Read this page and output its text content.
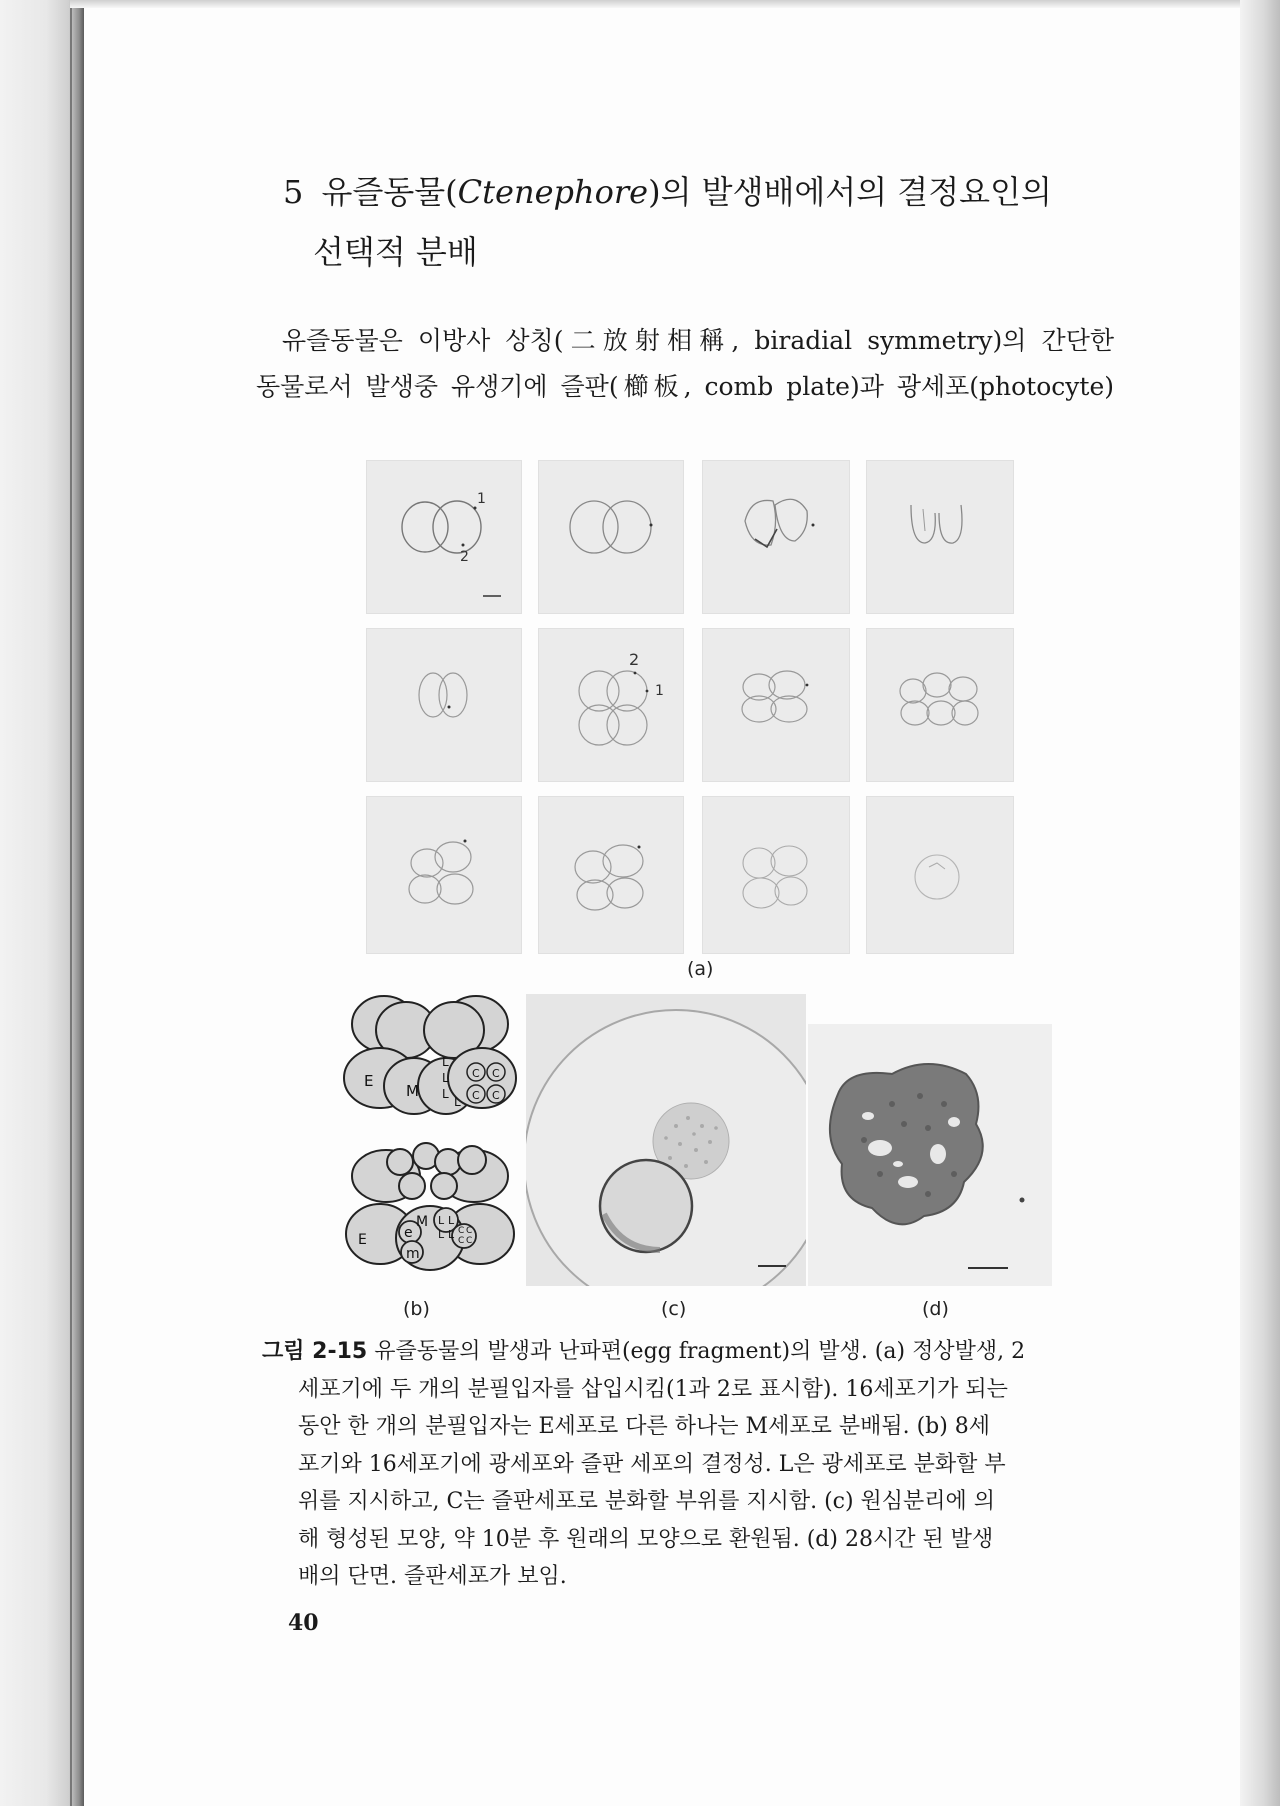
5 유즐동물(Ctenephore)의 발생배에서의 결정요인의
선택적 분배
유즐동물은 이방사 상칭(二放射相稱, biradial symmetry)의 간단한
동물로서 발생중 유생기에 즐판(櫛板, comb plate)과 광세포(photocyte)
1
2
2
1
(a)
E
M
L
L
L
L
C C
C C
E	e
M
m
L L
L L C C
C C
(b)	(c)	(d)

그림 2-15 유즐동물의 발생과 난파편(egg fragment)의 발생. (a) 정상발생, 2

세포기에 두 개의 분필입자를 삽입시킴(1과 2로 표시함). 16세포기가 되는

동안 한 개의 분필입자는 E세포로 다른 하나는 M세포로 분배됨. (b) 8세

포기와 16세포기에 광세포와 즐판 세포의 결정성. L은 광세포로 분화할 부

위를 지시하고, C는 즐판세포로 분화할 부위를 지시함. (c) 원심분리에 의

해 형성된 모양, 약 10분 후 원래의 모양으로 환원됨. (d) 28시간 된 발생

배의 단면. 즐판세포가 보임.

40
